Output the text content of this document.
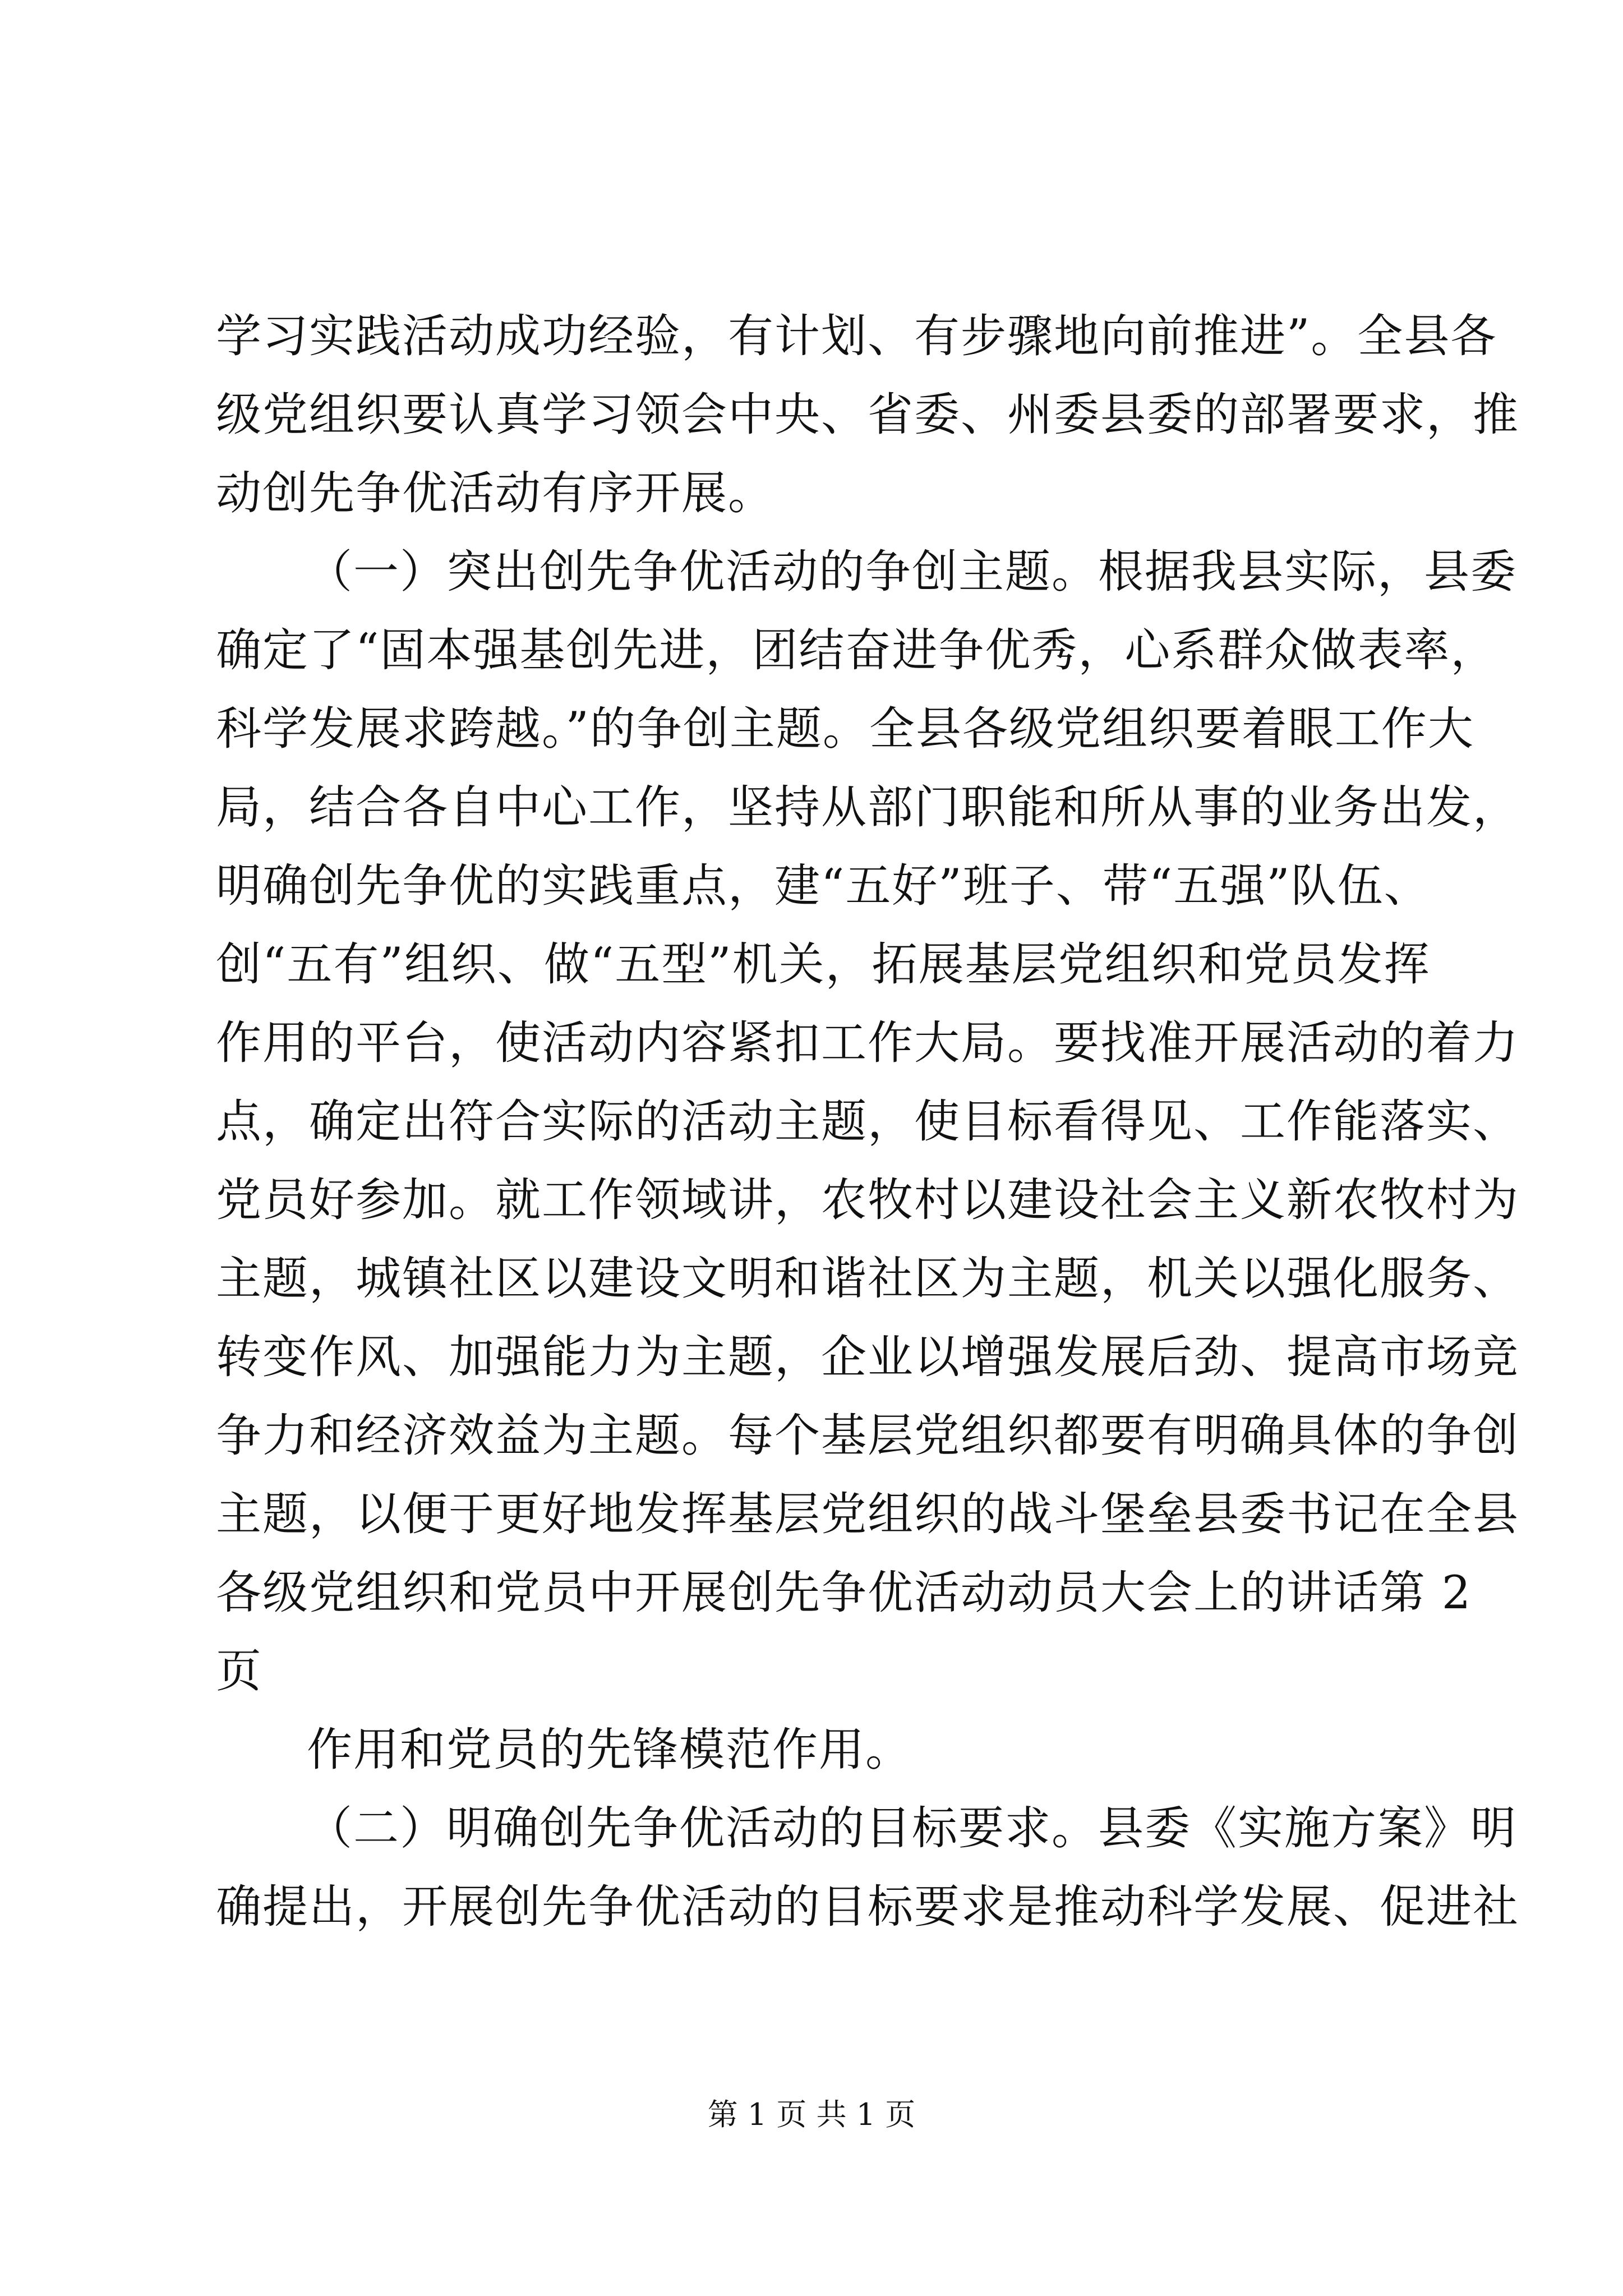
学习实践活动成功经验，有计划、有步骤地向前推进”。全县各
级党组织要认真学习领会中央、省委、州委县委的部署要求，推
动创先争优活动有序开展。
（一）突出创先争优活动的争创主题。根据我县实际，县委
确定了“固本强基创先进，团结奋进争优秀，心系群众做表率，
科学发展求跨越。”的争创主题。全县各级党组织要着眼工作大
局，结合各自中心工作，坚持从部门职能和所从事的业务出发，
明确创先争优的实践重点，建“五好”班子、带“五强”队伍、
创“五有”组织、做“五型”机关，拓展基层党组织和党员发挥
作用的平台，使活动内容紧扣工作大局。要找准开展活动的着力
点，确定出符合实际的活动主题，使目标看得见、工作能落实、
党员好参加。就工作领域讲，农牧村以建设社会主义新农牧村为
主题，城镇社区以建设文明和谐社区为主题，机关以强化服务、
转变作风、加强能力为主题，企业以增强发展后劲、提高市场竞
争力和经济效益为主题。每个基层党组织都要有明确具体的争创
主题，以便于更好地发挥基层党组织的战斗堡垒县委书记在全县
各级党组织和党员中开展创先争优活动动员大会上的讲话第 2
页
作用和党员的先锋模范作用。
（二）明确创先争优活动的目标要求。县委《实施方案》明
确提出，开展创先争优活动的目标要求是推动科学发展、促进社
第 1 页 共 1 页
